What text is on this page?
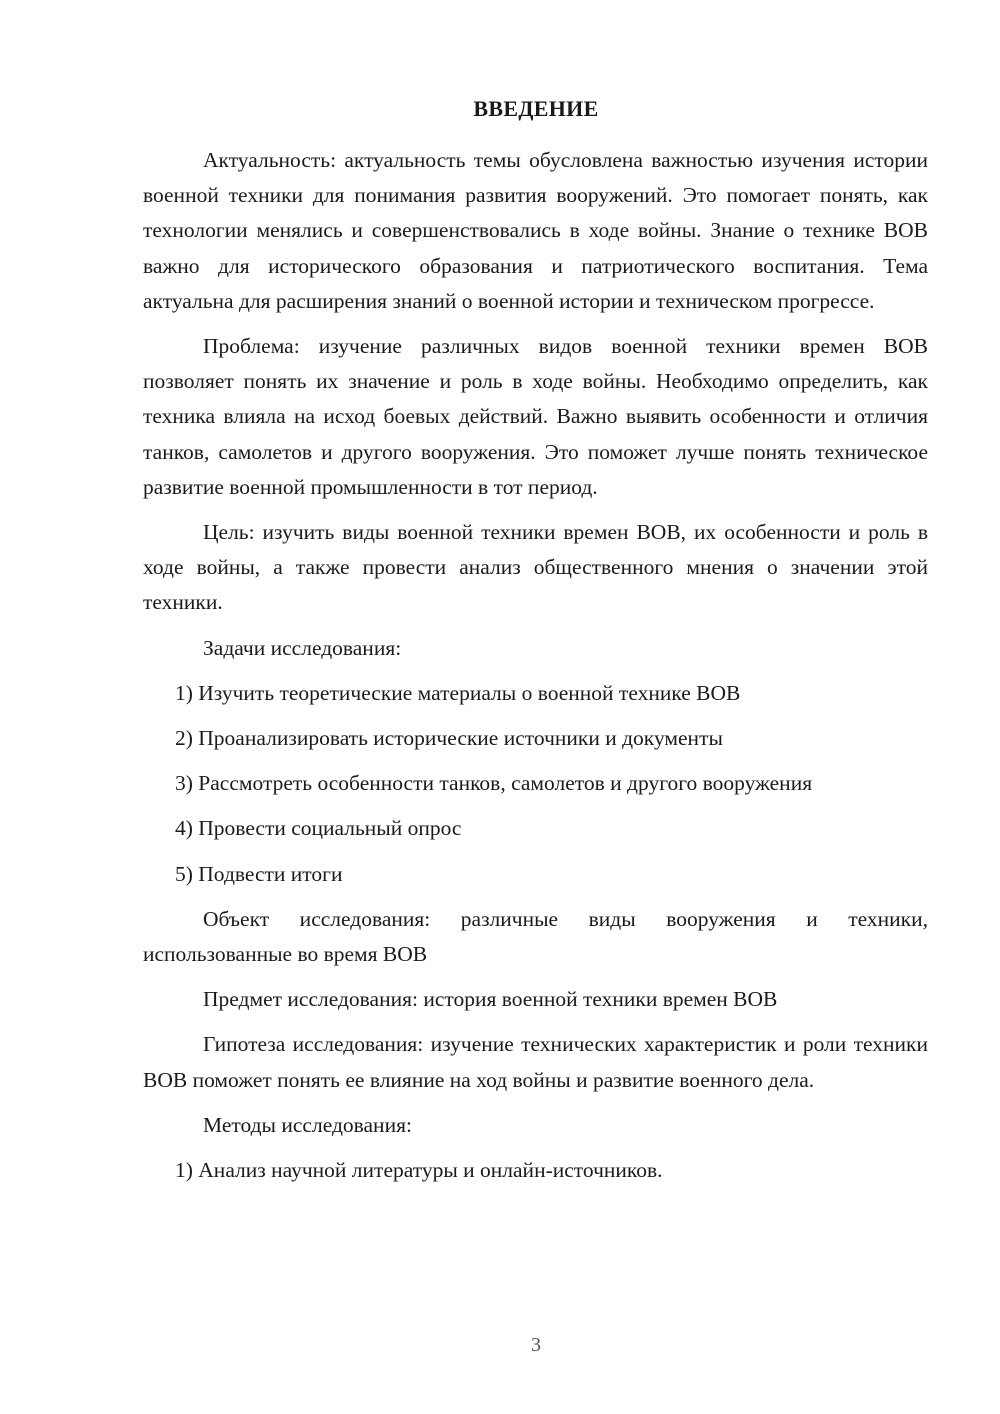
ВВЕДЕНИЕ

Актуальность: актуальность темы обусловлена важностью изучения истории военной техники для понимания развития вооружений. Это помогает понять, как технологии менялись и совершенствовались в ходе войны. Знание о технике ВОВ важно для исторического образования и патриотического воспитания. Тема актуальна для расширения знаний о военной истории и техническом прогрессе.

Проблема: изучение различных видов военной техники времен ВОВ позволяет понять их значение и роль в ходе войны. Необходимо определить, как техника влияла на исход боевых действий. Важно выявить особенности и отличия танков, самолетов и другого вооружения. Это поможет лучше понять техническое развитие военной промышленности в тот период.

Цель: изучить виды военной техники времен ВОВ, их особенности и роль в ходе войны, а также провести анализ общественного мнения о значении этой техники.

Задачи исследования:

1) Изучить теоретические материалы о военной технике ВОВ

2) Проанализировать исторические источники и документы

3) Рассмотреть особенности танков, самолетов и другого вооружения

4) Провести социальный опрос

5) Подвести итоги

Объект исследования: различные виды вооружения и техники, использованные во время ВОВ

Предмет исследования: история военной техники времен ВОВ

Гипотеза исследования: изучение технических характеристик и роли техники ВОВ поможет понять ее влияние на ход войны и развитие военного дела.

Методы исследования:

1) Анализ научной литературы и онлайн-источников.

3
